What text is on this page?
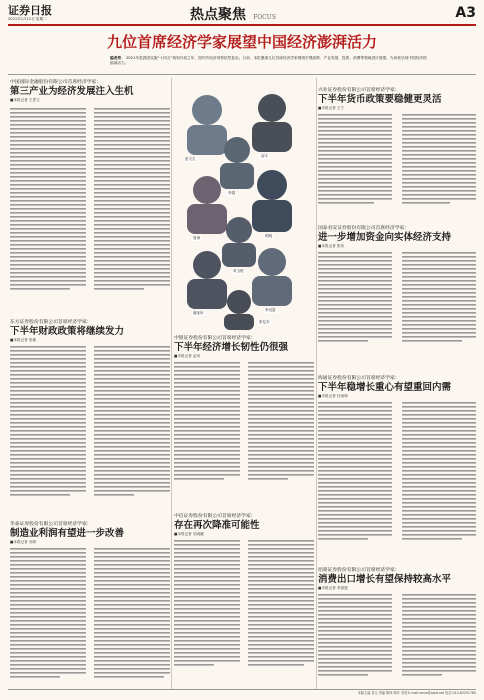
证券日报
2021年1月12日 星期二	热点聚焦 FOCUS	A3
九位首席经济学家展望中国经济澎湃活力
编者按： 2021年是我国实施“十四五”规划开局之年，国内外经济形势依然复杂。日前，本报邀请九位首席经济学家围绕宏观政策、产业发展、投资、消费等领域进行展望，为读者呈现中国经济的澎湃活力。
中国国际金融股份有限公司首席经济学家：
第三产业为经济发展注入生机
■本报记者 王思文
东方证券股份有限公司首席经济学家：
下半年财政政策将继续发力
■本报记者 张敏
华泰证券股份有限公司首席经济学家：
制造业利润有望进一步改善
■本报记者 刘琪
彭文生
邵宇
李超
管涛	明明
荀玉根
谢亚轩
李迅雷
张忆东
中银证券股份有限公司首席经济学家：
下半年经济增长韧性仍很强
■本报记者 孟珂
中信证券股份有限公司首席经济学家：
存在再次降准可能性
■本报记者 吴晓璐
兴业证券股份有限公司首席经济学家：
下半年货币政策要稳健更灵活
■本报记者 王宁
国泰君安证券股份有限公司首席经济学家：
进一步增加资金向实体经济支持
■本报记者 张伟
海通证券股份有限公司首席经济学家：
下半年稳增长重心有望重回内需
■本报记者 杜雨萌
招商证券股份有限公司首席经济学家：
消费出口增长有望保持较高水平
■本报记者 李春莲
本版主编 袁元 责编 陈炜 制作 李波 E-mail:zmzx@zqrb.net 电话 010-83251785
